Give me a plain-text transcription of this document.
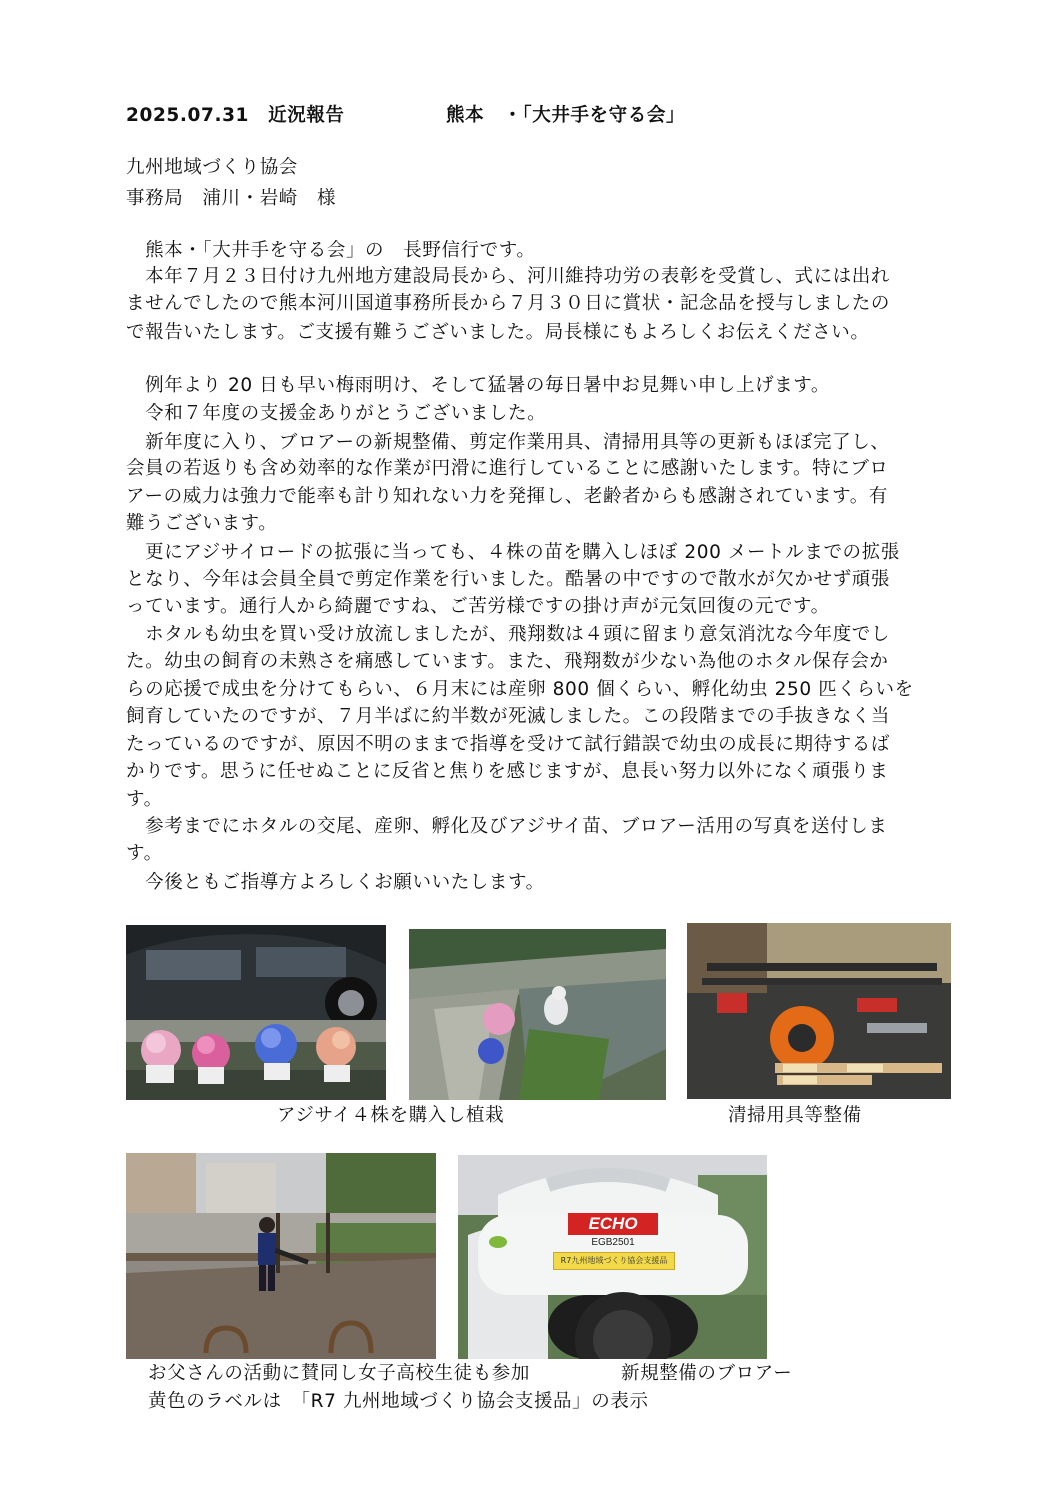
2025.07.31　近況報告	熊本　・「大井手を守る会」
九州地域づくり協会
事務局　浦川・岩崎　様
　熊本・「大井手を守る会」の　長野信行です。
　本年７月２３日付け九州地方建設局長から、河川維持功労の表彰を受賞し、式には出れ
ませんでしたので熊本河川国道事務所長から７月３０日に賞状・記念品を授与しましたの
で報告いたします。ご支援有難うございました。局長様にもよろしくお伝えください。
　例年より 20 日も早い梅雨明け、そして猛暑の毎日暑中お見舞い申し上げます。
　令和７年度の支援金ありがとうございました。
　新年度に入り、ブロアーの新規整備、剪定作業用具、清掃用具等の更新もほぼ完了し、
会員の若返りも含め効率的な作業が円滑に進行していることに感謝いたします。特にブロ
アーの威力は強力で能率も計り知れない力を発揮し、老齢者からも感謝されています。有
難うございます。
　更にアジサイロードの拡張に当っても、４株の苗を購入しほぼ 200 メートルまでの拡張
となり、今年は会員全員で剪定作業を行いました。酷暑の中ですので散水が欠かせず頑張
っています。通行人から綺麗ですね、ご苦労様ですの掛け声が元気回復の元です。
　ホタルも幼虫を買い受け放流しましたが、飛翔数は４頭に留まり意気消沈な今年度でし
た。幼虫の飼育の未熟さを痛感しています。また、飛翔数が少ない為他のホタル保存会か
らの応援で成虫を分けてもらい、６月末には産卵 800 個くらい、孵化幼虫 250 匹くらいを
飼育していたのですが、７月半ばに約半数が死滅しました。この段階までの手抜きなく当
たっているのですが、原因不明のままで指導を受けて試行錯誤で幼虫の成長に期待するば
かりです。思うに任せぬことに反省と焦りを感じますが、息長い努力以外になく頑張りま
す。
　参考までにホタルの交尾、産卵、孵化及びアジサイ苗、ブロアー活用の写真を送付しま
す。
　今後ともご指導方よろしくお願いいたします。
アジサイ４株を購入し植栽	清掃用具等整備
ECHO
EGB2501
R7九州地域づくり協会支援品
お父さんの活動に賛同し女子高校生徒も参加	新規整備のブロアー
黄色のラベルは　「R7 九州地域づくり協会支援品」の表示
